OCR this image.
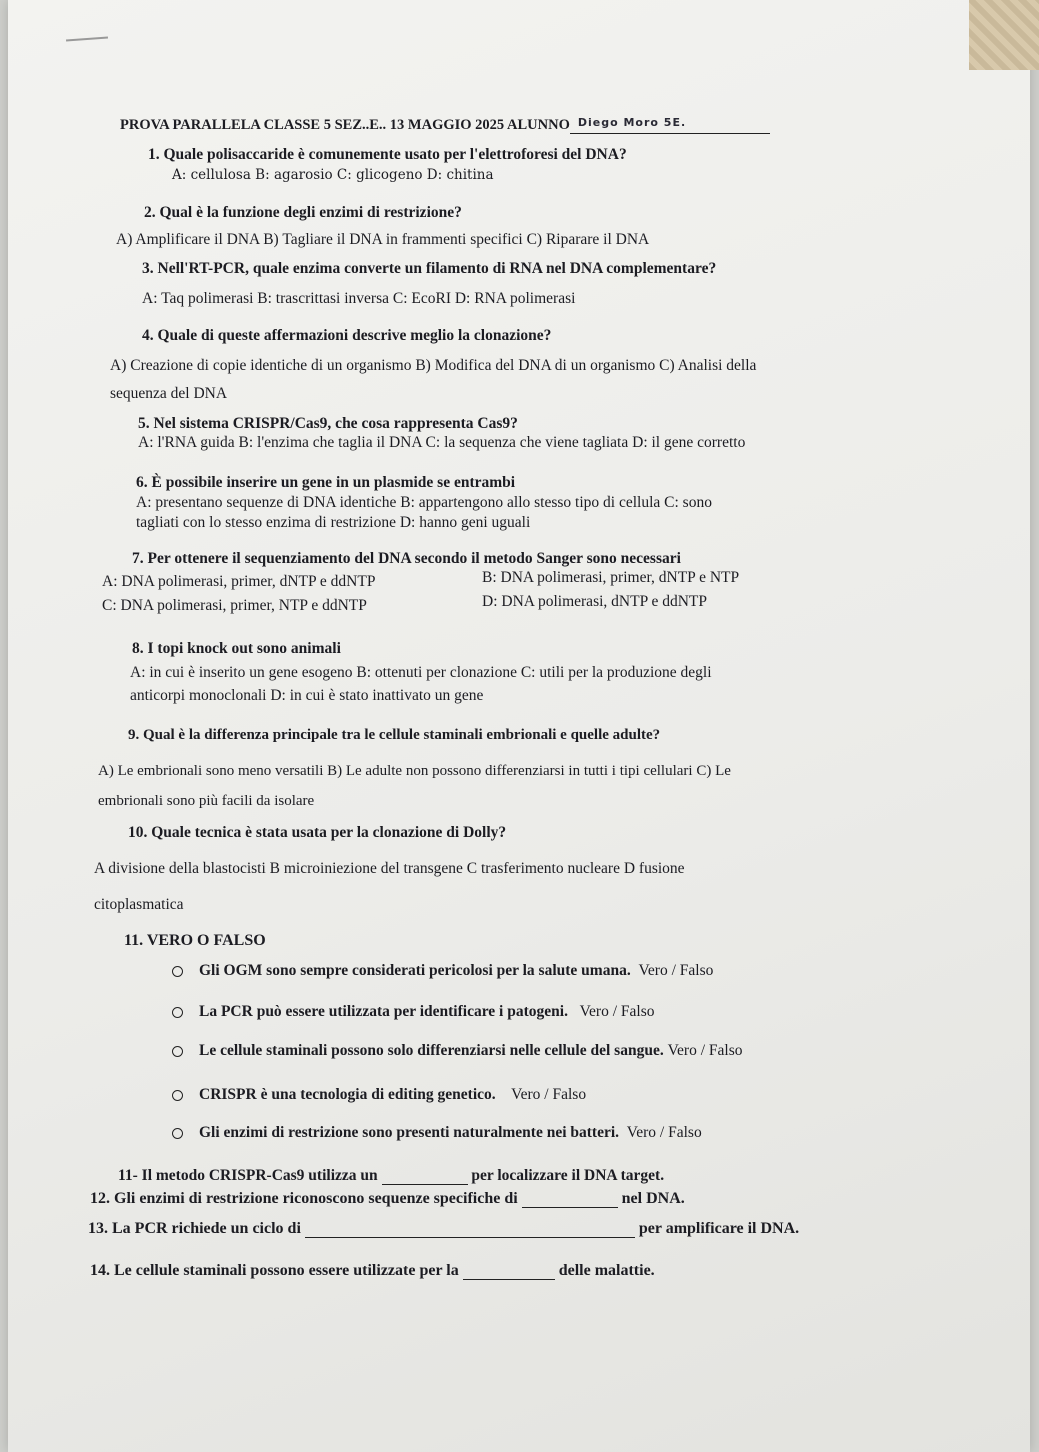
PROVA PARALLELA CLASSE 5 SEZ..E.. 13 MAGGIO 2025 ALUNNO Diego Moro 5E.
1. Quale polisaccaride è comunemente usato per l'elettroforesi del DNA?
A: cellulosa B: agarosio C: glicogeno D: chitina
2. Qual è la funzione degli enzimi di restrizione?
A) Amplificare il DNA B) Tagliare il DNA in frammenti specifici C) Riparare il DNA
3. Nell'RT-PCR, quale enzima converte un filamento di RNA nel DNA complementare?
A: Taq polimerasi B: trascrittasi inversa C: EcoRI D: RNA polimerasi
4. Quale di queste affermazioni descrive meglio la clonazione?
A) Creazione di copie identiche di un organismo B) Modifica del DNA di un organismo C) Analisi della
sequenza del DNA
5. Nel sistema CRISPR/Cas9, che cosa rappresenta Cas9?
A: l'RNA guida B: l'enzima che taglia il DNA C: la sequenza che viene tagliata D: il gene corretto
6. È possibile inserire un gene in un plasmide se entrambi
A: presentano sequenze di DNA identiche B: appartengono allo stesso tipo di cellula C: sono
tagliati con lo stesso enzima di restrizione D: hanno geni uguali
7. Per ottenere il sequenziamento del DNA secondo il metodo Sanger sono necessari
A: DNA polimerasi, primer, dNTP e ddNTP	B: DNA polimerasi, primer, dNTP e NTP
C: DNA polimerasi, primer, NTP e ddNTP	D: DNA polimerasi, dNTP e ddNTP
8. I topi knock out sono animali
A: in cui è inserito un gene esogeno B: ottenuti per clonazione C: utili per la produzione degli
anticorpi monoclonali D: in cui è stato inattivato un gene
9. Qual è la differenza principale tra le cellule staminali embrionali e quelle adulte?
A) Le embrionali sono meno versatili B) Le adulte non possono differenziarsi in tutti i tipi cellulari C) Le
embrionali sono più facili da isolare
10. Quale tecnica è stata usata per la clonazione di Dolly?
A divisione della blastocisti B microiniezione del transgene C trasferimento nucleare D fusione
citoplasmatica
11. VERO O FALSO
Gli OGM sono sempre considerati pericolosi per la salute umana. Vero / Falso
La PCR può essere utilizzata per identificare i patogeni. Vero / Falso
Le cellule staminali possono solo differenziarsi nelle cellule del sangue. Vero / Falso
CRISPR è una tecnologia di editing genetico. Vero / Falso
Gli enzimi di restrizione sono presenti naturalmente nei batteri. Vero / Falso
11- Il metodo CRISPR-Cas9 utilizza un	per localizzare il DNA target.
12. Gli enzimi di restrizione riconoscono sequenze specifiche di	nel DNA.
13. La PCR richiede un ciclo di	per amplificare il DNA.
14. Le cellule staminali possono essere utilizzate per la	delle malattie.
